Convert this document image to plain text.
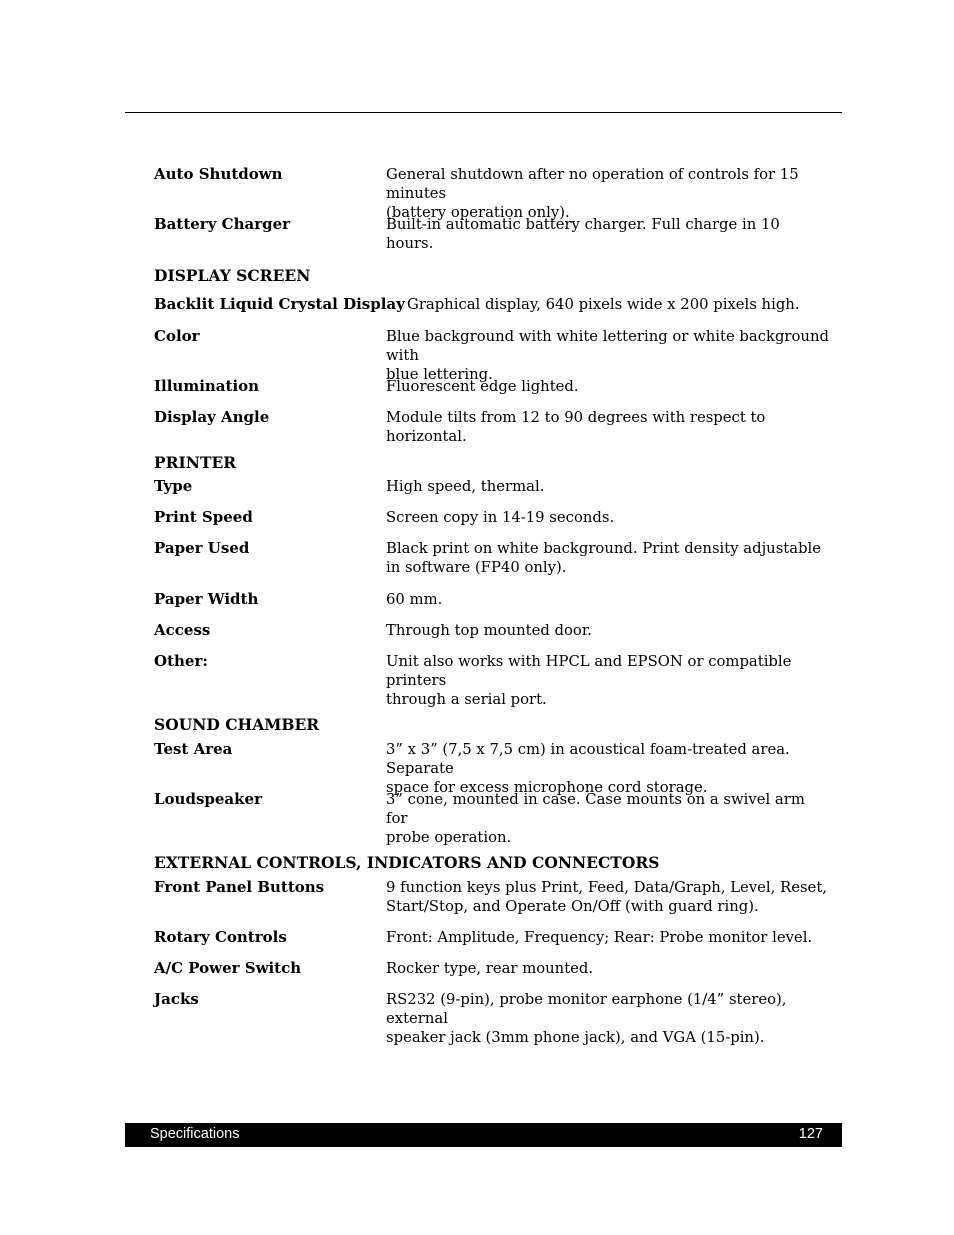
Auto Shutdown	General shutdown after no operation of controls for 15 minutes
(battery operation only).
Battery Charger	Built-in automatic battery charger. Full charge in 10 hours.
DISPLAY SCREEN
Backlit Liquid Crystal Display Graphical display, 640 pixels wide x 200 pixels high.
Color	Blue background with white lettering or white background with
blue lettering.
Illumination	Fluorescent edge lighted.
Display Angle	Module tilts from 12 to 90 degrees with respect to horizontal.
PRINTER
Type	High speed, thermal.
Print Speed	Screen copy in 14-19 seconds.
Paper Used	Black print on white background. Print density adjustable
in software (FP40 only).
Paper Width	60 mm.
Access	Through top mounted door.
Other:	Unit also works with HPCL and EPSON or compatible printers
through a serial port.
SOUND CHAMBER
Test Area	3” x 3” (7,5 x 7,5 cm) in acoustical foam-treated area. Separate
space for excess microphone cord storage.
Loudspeaker	3” cone, mounted in case. Case mounts on a swivel arm for
probe operation.
EXTERNAL CONTROLS, INDICATORS AND CONNECTORS
Front Panel Buttons	9 function keys plus Print, Feed, Data/Graph, Level, Reset,
Start/Stop, and Operate On/Off (with guard ring).
Rotary Controls	Front: Amplitude, Frequency; Rear: Probe monitor level.
A/C Power Switch	Rocker type, rear mounted.
Jacks	RS232 (9-pin), probe monitor earphone (1/4” stereo), external
speaker jack (3mm phone jack), and VGA (15-pin).
Specifications	127
